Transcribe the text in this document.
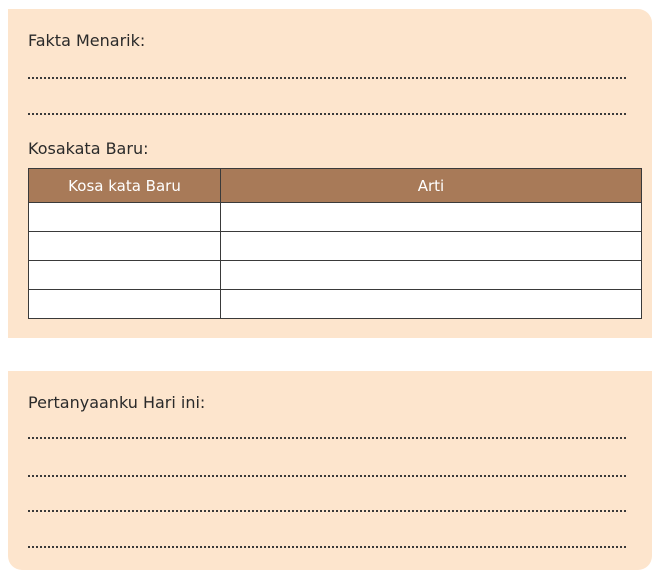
Fakta Menarik:
Kosakata Baru:
Kosa kata Baru	Arti

Pertanyaanku Hari ini:
